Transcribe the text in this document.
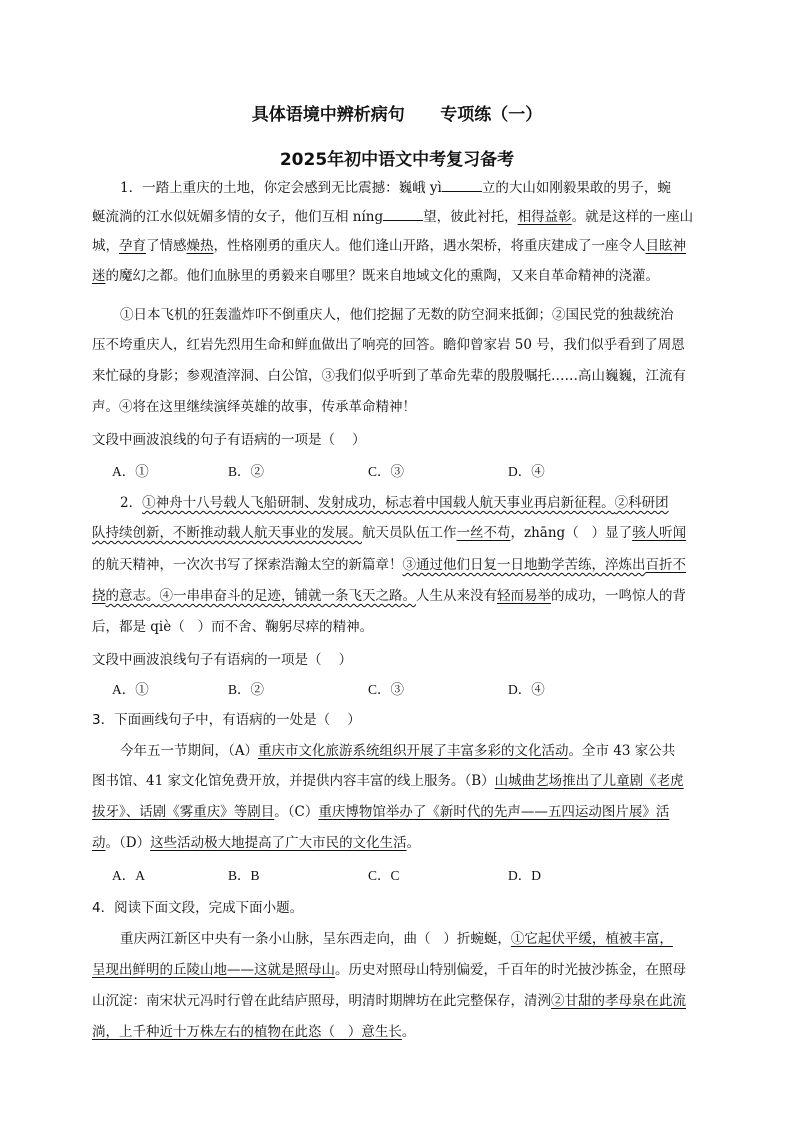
具体语境中辨析病句      专项练（一）
2025年初中语文中考复习备考
1．一踏上重庆的土地，你定会感到无比震撼：巍峨 yì	立的大山如刚毅果敢的男子，蜿
蜒流淌的江水似妩媚多情的女子，他们互相 níng	望，彼此衬托，相得益彰。就是这样的一座山
城，孕育了情感燥热，性格刚勇的重庆人。他们逢山开路，遇水架桥，将重庆建成了一座令人目眩神
迷的魔幻之都。他们血脉里的勇毅来自哪里？既来自地域文化的熏陶，又来自革命精神的浇灌。
①日本飞机的狂轰滥炸吓不倒重庆人，他们挖掘了无数的防空洞来抵御；②国民党的独裁统治
压不垮重庆人，红岩先烈用生命和鲜血做出了响亮的回答。瞻仰曾家岩 50 号，我们似乎看到了周恩
来忙碌的身影；参观渣滓洞、白公馆，③我们似乎听到了革命先辈的殷殷嘱托……高山巍巍，江流有
声。④将在这里继续演绎英雄的故事，传承革命精神！
文段中画波浪线的句子有语病的一项是（    ）
A．①	B．②	C．③	D．④
2．①神舟十八号载人飞船研制、发射成功，标志着中国载人航天事业再启新征程。②科研团
队持续创新，不断推动载人航天事业的发展。航天员队伍工作一丝不苟，zhāng（   ）显了骇人听闻
的航天精神，一次次书写了探索浩瀚太空的新篇章！③通过他们日复一日地勤学苦练，淬炼出百折不
挠的意志。④一串串奋斗的足迹，铺就一条飞天之路。人生从来没有轻而易举的成功，一鸣惊人的背
后，都是 qiè（   ）而不舍、鞠躬尽瘁的精神。
文段中画波浪线句子有语病的一项是（    ）
A．①	B．②	C．③	D．④
3．下面画线句子中，有语病的一处是（    ）
今年五一节期间，（A）重庆市文化旅游系统组织开展了丰富多彩的文化活动。全市 43 家公共
图书馆、41 家文化馆免费开放，并提供内容丰富的线上服务。（B）山城曲艺场推出了儿童剧《老虎
拔牙》、话剧《雾重庆》等剧目。（C）重庆博物馆举办了《新时代的先声——五四运动图片展》活
动。（D）这些活动极大地提高了广大市民的文化生活。
A．A	B．B	C．C	D．D
4．阅读下面文段，完成下面小题。
重庆两江新区中央有一条小山脉，呈东西走向，曲（   ）折蜿蜒，①它起伏平缓，植被丰富，
呈现出鲜明的丘陵山地——这就是照母山。历史对照母山特别偏爱，千百年的时光披沙拣金，在照母
山沉淀：南宋状元冯时行曾在此结庐照母，明清时期牌坊在此完整保存，清洌②甘甜的孝母泉在此流
淌，上千种近十万株左右的植物在此恣（   ）意生长。
